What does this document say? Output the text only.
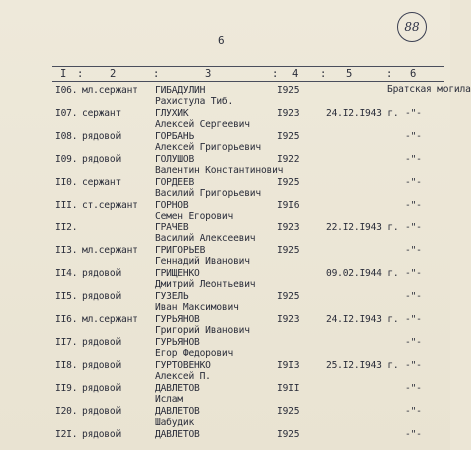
88
6
I :	2	:	3	: 4 : 5	: 6
I06. мл.сержант ГИБАДУЛИН
Рахистула Тиб.
I925	Братская могила
I07. сержант	ГЛУХИК
Алексей Сергеевич
I923	24.I2.I943 г. -"-
I08. рядовой	ГОРБАНЬ
Алексей Григорьевич
I925	-"-
I09. рядовой	ГОЛУШОВ
Валентин Константинович
I922	-"-
II0. сержант	ГОРДЕЕВ
Василий Григорьевич
I925	-"-
III. ст.сержант ГОРНОВ
Семен Егорович
I9I6	-"-
II2.	ГРАЧЕВ
Василий Алексеевич
I923	22.I2.I943 г. -"-
II3. мл.сержант ГРИГОРЬЕВ
Геннадий Иванович
I925	-"-
II4. рядовой	ГРИЩЕНКО
Дмитрий Леонтьевич
09.02.I944 г. -"-
II5. рядовой	ГУЗЕЛЬ
Иван Максимович
I925	-"-
II6. мл.сержант ГУРЬЯНОВ
Григорий Иванович
I923	24.I2.I943 г. -"-
II7. рядовой	ГУРЬЯНОВ
Егор Федорович
-"-
II8. рядовой	ГУРТОВЕНКО
Алексей П.
I9I3	25.I2.I943 г. -"-
II9. рядовой	ДАВЛЕТОВ
Ислам
I9II	-"-
I20. рядовой	ДАВЛЕТОВ
Шабудик
I925	-"-
I2I. рядовой	ДАВЛЕТОВ	I925	-"-
